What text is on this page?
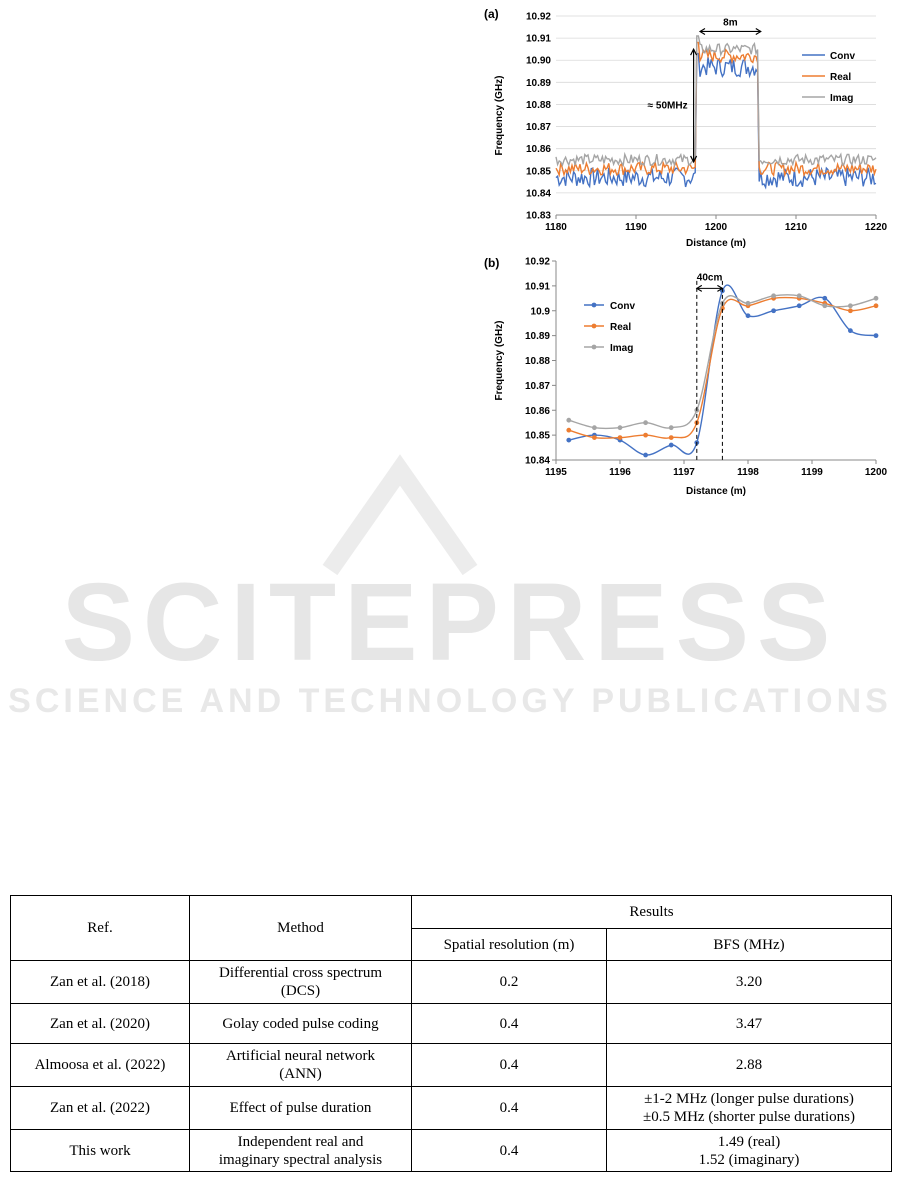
SCITEPRESS
SCIENCE AND TECHNOLOGY PUBLICATIONS
(a)
10.83
10.84
10.85
10.86
10.87
10.88
10.89
10.90
10.91
10.92
1180	1190	1200	1210	1220
8m
≈ 50MHz
Conv
Real
Imag
Distance (m)
Frequency (GHz)
(b)
10.84
10.85
10.86
10.87
10.88
10.89
10.9
10.91
10.92
1195	1196	1197	1198	1199	1200
40cm
Conv
Real
Imag
Distance (m)
Frequency (GHz)
Ref.	Method	Results	
		Spatial resolution (m)	BFS (MHz)
Zan et al. (2018)	Differential cross spectrum
(DCS)	0.2	3.20

Zan et al. (2020)	Golay coded pulse coding	0.4	3.47

Almoosa et al. (2022)	Artificial neural network
(ANN)	0.4	2.88

Zan et al. (2022)	Effect of pulse duration	0.4	±1-2 MHz (longer pulse durations)
±0.5 MHz (shorter pulse durations)

This work	Independent real and
imaginary spectral analysis	0.4	1.49 (real)
1.52 (imaginary)
